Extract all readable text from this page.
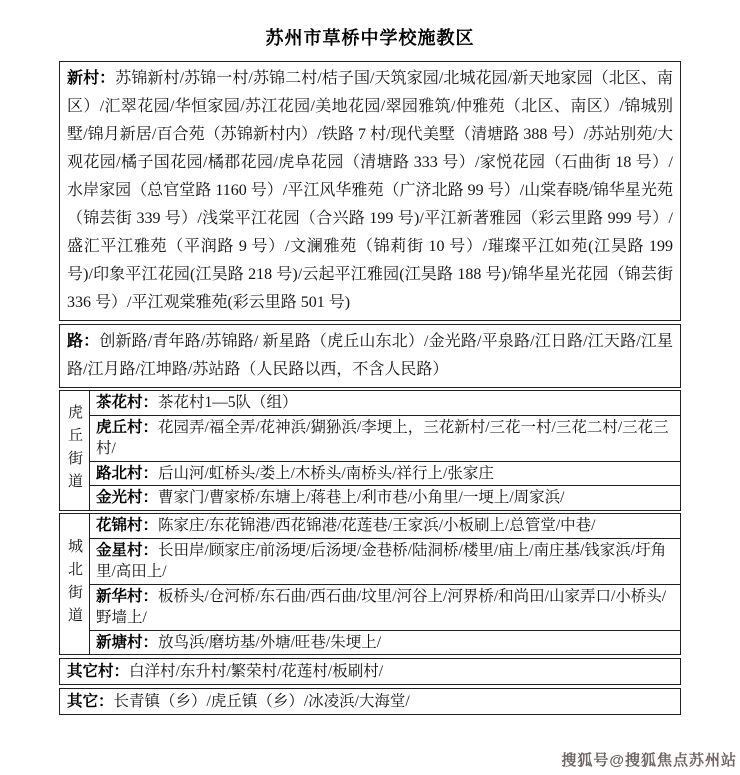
苏州市草桥中学校施教区

新村：苏锦新村/苏锦一村/苏锦二村/桔子国/天筑家园/北城花园/新天地家园（北区、南区）/汇翠花园/华恒家园/苏江花园/美地花园/翠园雅筑/仲雅苑（北区、南区）/锦城别墅/锦月新居/百合苑（苏锦新村内）/铁路 7 村/现代美墅（清塘路 388 号）/苏站别苑/大观花园/橘子国花园/橘郡花园/虎阜花园（清塘路 333 号）/家悦花园（石曲街 18 号）/水岸家园（总官堂路 1160 号）/平江风华雅苑（广济北路 99 号）/山棠春晓/锦华星光苑（锦芸街 339 号）/浅棠平江花园（合兴路 199 号)/平江新著雅园（彩云里路 999 号）/盛汇平江雅苑（平润路 9 号）/文澜雅苑（锦莉街 10 号）/璀璨平江如苑(江昊路 199 号)/印象平江花园(江昊路 218 号)/云起平江雅园(江昊路 188 号)/锦华星光花园（锦芸街 336 号）/平江观棠雅苑(彩云里路 501 号)

路：创新路/青年路/苏锦路/ 新星路（虎丘山东北）/金光路/平泉路/江日路/江天路/江星路/江月路/江坤路/苏站路（人民路以西，不含人民路）

虎丘街道
茶花村：茶花村1—5队（组）
虎丘村：花园弄/福全弄/花神浜/猢狲浜/李埂上，三花新村/三花一村/三花二村/三花三村/
路北村：后山河/虹桥头/娄上/木桥头/南桥头/祥行上/张家庄
金光村：曹家门/曹家桥/东塘上/蒋巷上/利市巷/小角里/一埂上/周家浜/
城北街道
花锦村：陈家庄/东花锦港/西花锦港/花莲巷/王家浜/小板刷上/总管堂/中巷/
金星村：长田岸/顾家庄/前汤埂/后汤埂/金巷桥/陆洞桥/楼里/庙上/南庄基/钱家浜/圩角里/高田上/
新华村：板桥头/仓河桥/东石曲/西石曲/坟里/河谷上/河界桥/和尚田/山家弄口/小桥头/野墙上/
新塘村：放鸟浜/磨坊基/外塘/旺巷/朱埂上/

其它村：白洋村/东升村/繁荣村/花莲村/板刷村/

其它：长青镇（乡）/虎丘镇（乡）/冰凌浜/大海堂/

搜狐号@搜狐焦点苏州站
